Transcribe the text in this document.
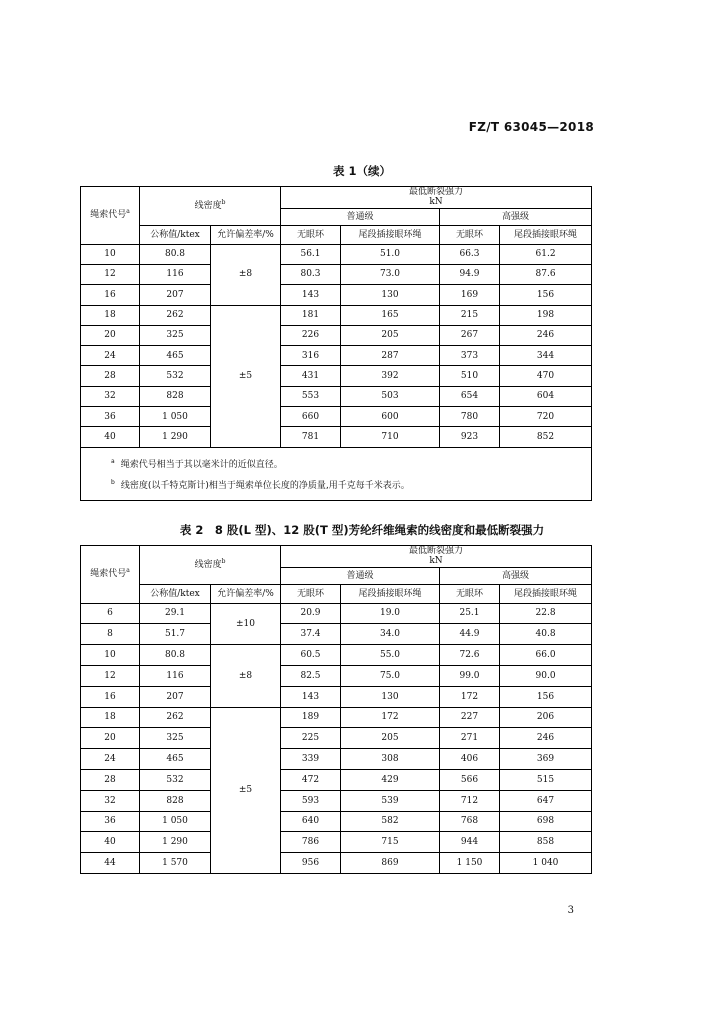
FZ/T 63045—2018
表 1（续）
绳索代号$^a$	线密度$^b$		最低断裂强力
kN			

			普通级		高强级	
	公称值/ktex	允许偏差率/%	无眼环	尾段插接眼环绳	无眼环	尾段插接眼环绳
10	80.8	±8	56.1	51.0	66.3	61.2
12	116		80.3	73.0	94.9	87.6
16	207		143	130	169	156
18	262	±5	181	165	215	198
20	325		226	205	267	246
24	465		316	287	373	344
28	532		431	392	510	470
32	828		553	503	654	604
36	1 050		660	600	780	720
40	1 290		781	710	923	852

$^a$ 绳索代号相当于其以毫米计的近似直径。
$^b$ 线密度(以千特克斯计)相当于绳索单位长度的净质量,用千克每千米表示。						
表 2　8 股(L 型)、12 股(T 型)芳纶纤维绳索的线密度和最低断裂强力
绳索代号$^a$	线密度$^b$		最低断裂强力
kN			

			普通级		高强级	
	公称值/ktex	允许偏差率/%	无眼环	尾段插接眼环绳	无眼环	尾段插接眼环绳
6	29.1	±10	20.9	19.0	25.1	22.8
8	51.7		37.4	34.0	44.9	40.8
10	80.8	±8	60.5	55.0	72.6	66.0
12	116		82.5	75.0	99.0	90.0
16	207		143	130	172	156
18	262	±5	189	172	227	206
20	325		225	205	271	246
24	465		339	308	406	369
28	532		472	429	566	515
32	828		593	539	712	647
36	1 050		640	582	768	698
40	1 290		786	715	944	858
44	1 570		956	869	1 150	1 040
3
